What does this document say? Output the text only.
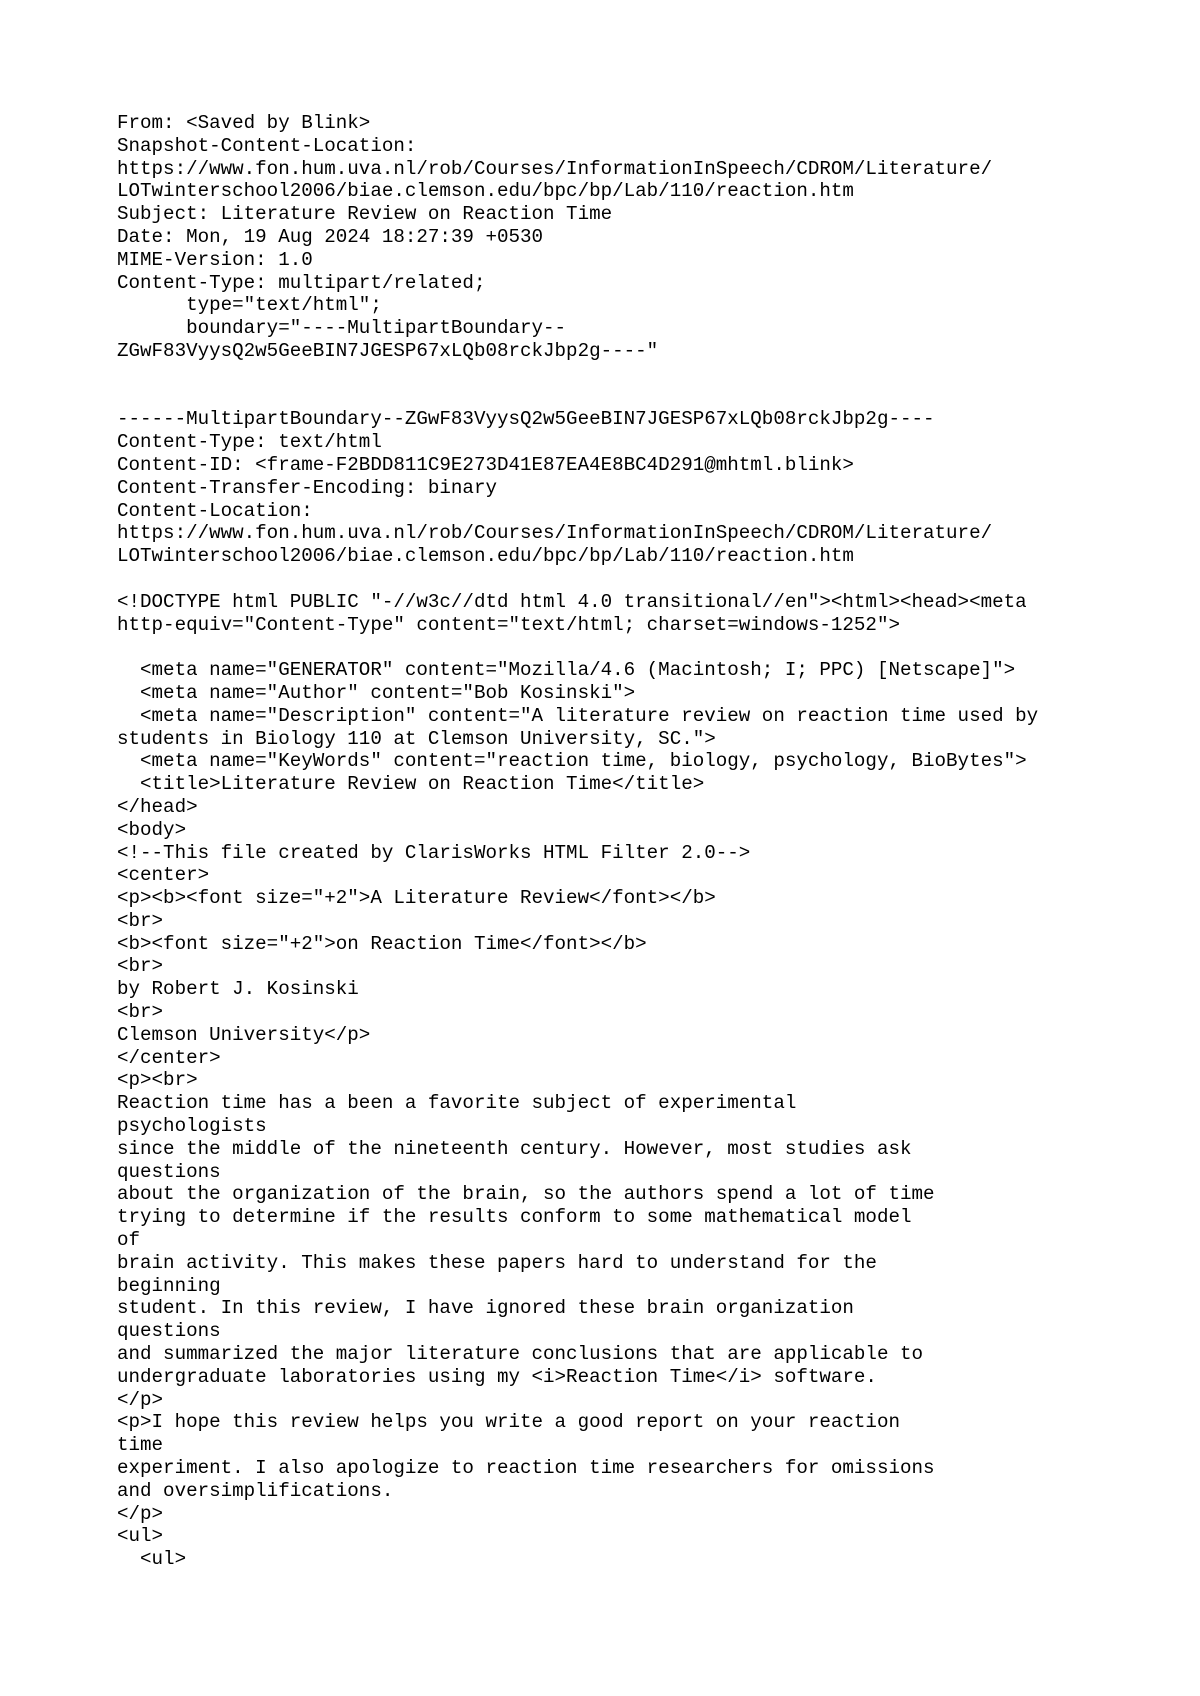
From: <Saved by Blink>
Snapshot-Content-Location:
https://www.fon.hum.uva.nl/rob/Courses/InformationInSpeech/CDROM/Literature/
LOTwinterschool2006/biae.clemson.edu/bpc/bp/Lab/110/reaction.htm
Subject: Literature Review on Reaction Time
Date: Mon, 19 Aug 2024 18:27:39 +0530
MIME-Version: 1.0
Content-Type: multipart/related;
type="text/html";
boundary="----MultipartBoundary--
ZGwF83VyysQ2w5GeeBIN7JGESP67xLQb08rckJbp2g----"
------MultipartBoundary--ZGwF83VyysQ2w5GeeBIN7JGESP67xLQb08rckJbp2g----
Content-Type: text/html
Content-ID: <frame-F2BDD811C9E273D41E87EA4E8BC4D291@mhtml.blink>
Content-Transfer-Encoding: binary
Content-Location:
https://www.fon.hum.uva.nl/rob/Courses/InformationInSpeech/CDROM/Literature/
LOTwinterschool2006/biae.clemson.edu/bpc/bp/Lab/110/reaction.htm
<!DOCTYPE html PUBLIC "-//w3c//dtd html 4.0 transitional//en"><html><head><meta
http-equiv="Content-Type" content="text/html; charset=windows-1252">
<meta name="GENERATOR" content="Mozilla/4.6 (Macintosh; I; PPC) [Netscape]">
<meta name="Author" content="Bob Kosinski">
<meta name="Description" content="A literature review on reaction time used by
students in Biology 110 at Clemson University, SC.">
<meta name="KeyWords" content="reaction time, biology, psychology, BioBytes">
<title>Literature Review on Reaction Time</title>
</head>
<body>
<!--This file created by ClarisWorks HTML Filter 2.0-->
<center>
<p><b><font size="+2">A Literature Review</font></b>
<br>
<b><font size="+2">on Reaction Time</font></b>
<br>
by Robert J. Kosinski
<br>
Clemson University</p>
</center>
<p><br>
Reaction time has a been a favorite subject of experimental
psychologists
since the middle of the nineteenth century. However, most studies ask
questions
about the organization of the brain, so the authors spend a lot of time
trying to determine if the results conform to some mathematical model
of
brain activity. This makes these papers hard to understand for the
beginning
student. In this review, I have ignored these brain organization
questions
and summarized the major literature conclusions that are applicable to
undergraduate laboratories using my <i>Reaction Time</i> software.
</p>
<p>I hope this review helps you write a good report on your reaction
time
experiment. I also apologize to reaction time researchers for omissions
and oversimplifications.
</p>
<ul>
<ul>
